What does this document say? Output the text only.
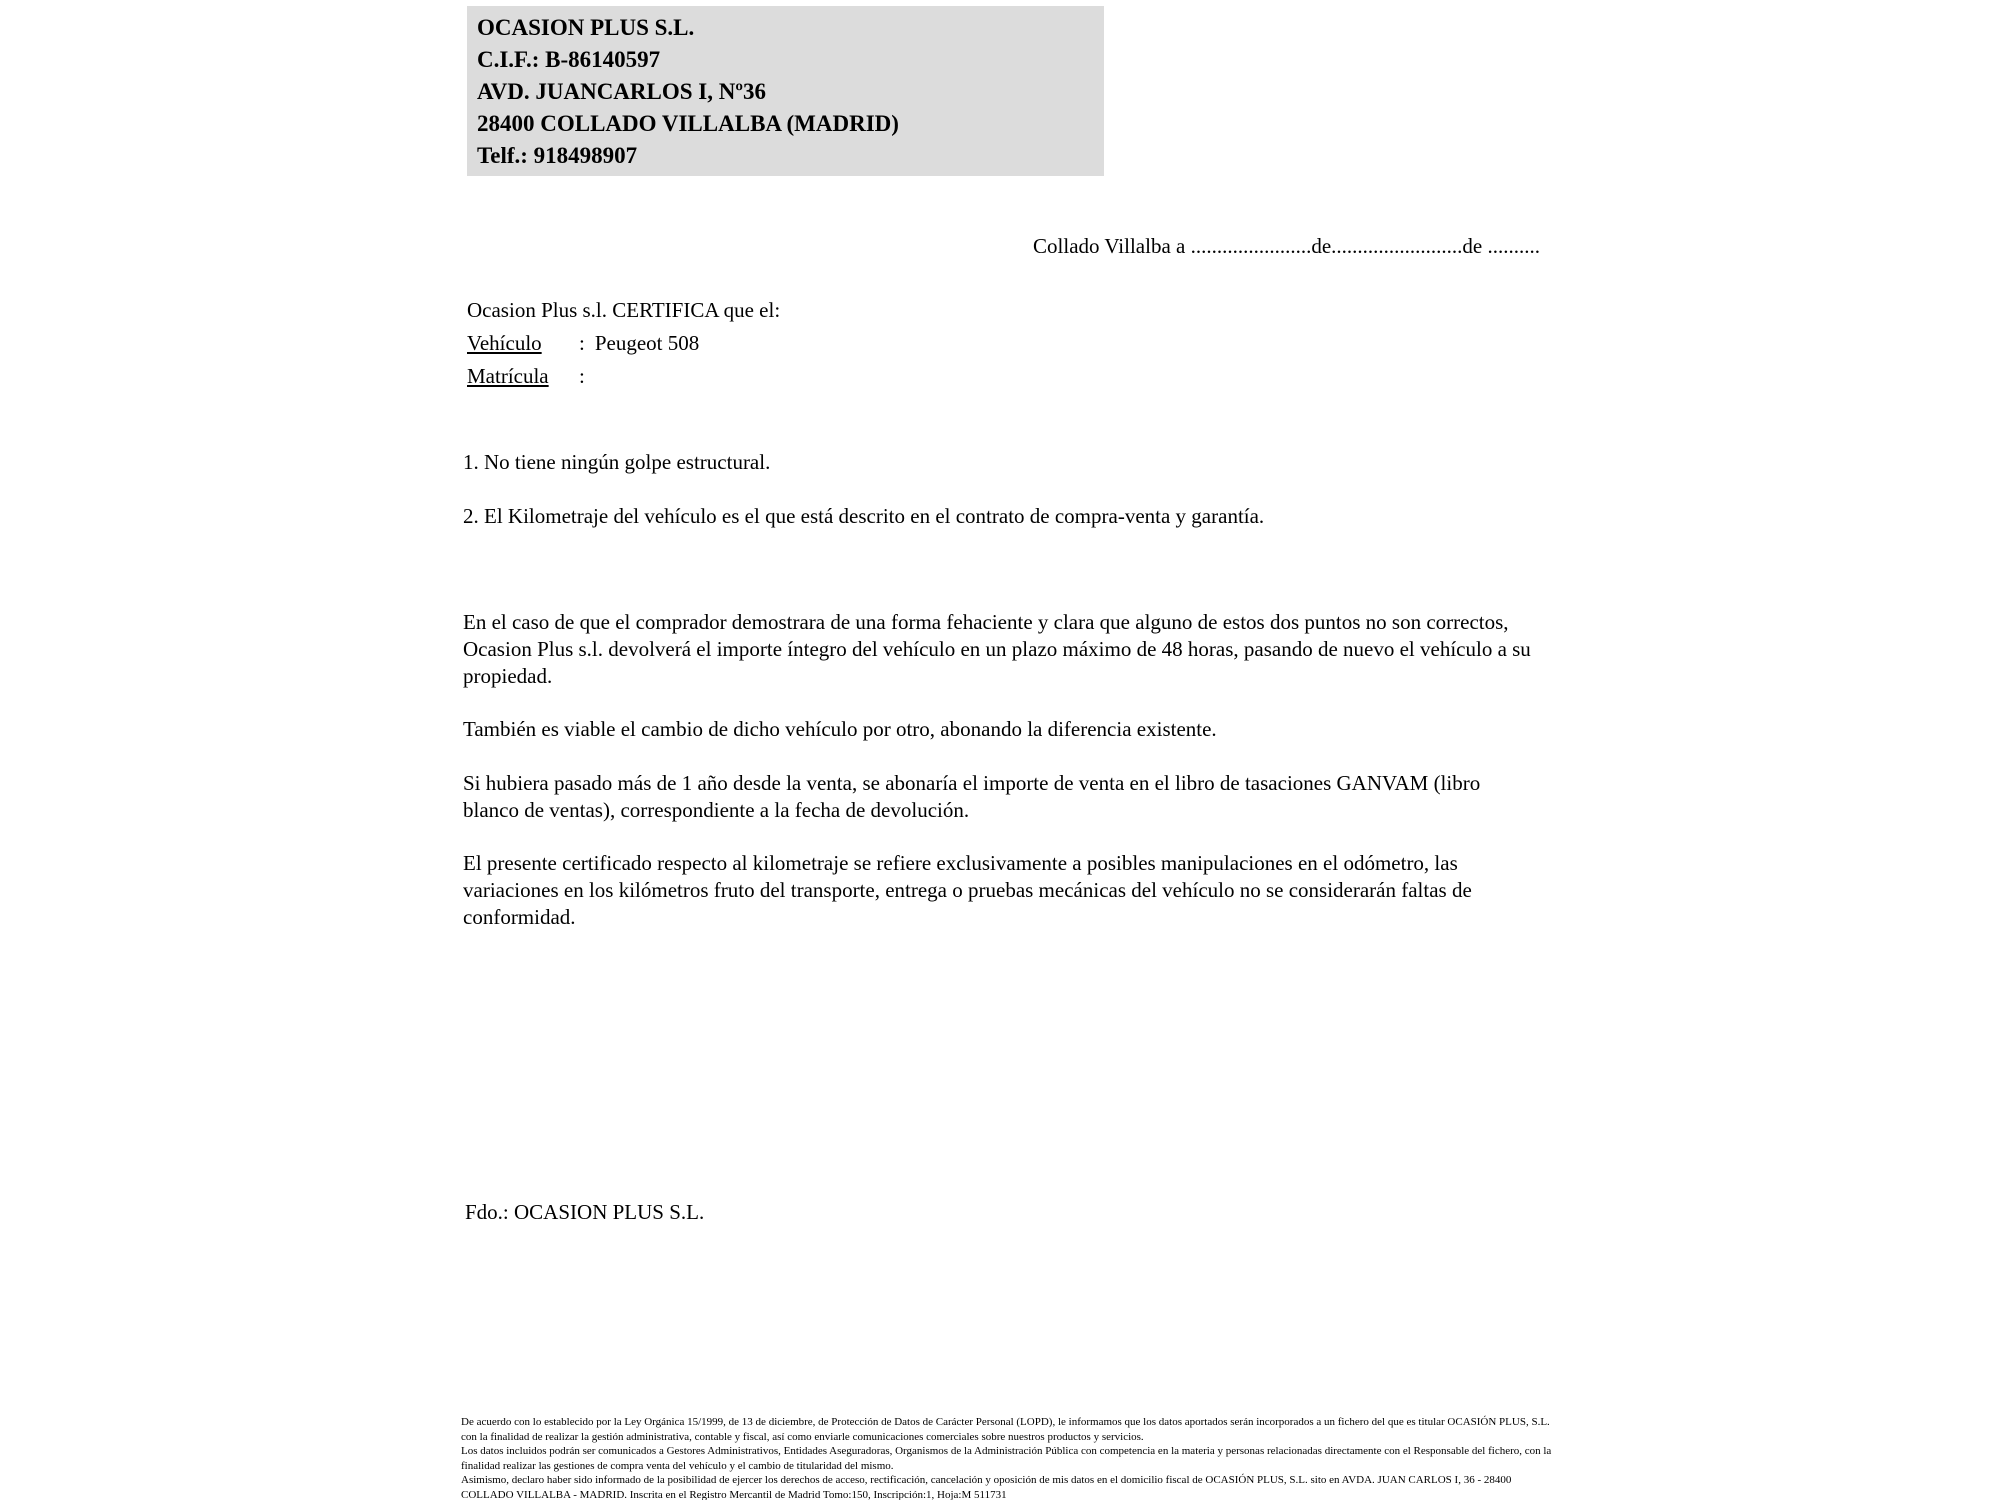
OCASION PLUS S.L.
C.I.F.: B-86140597
AVD. JUANCARLOS I, Nº36
28400 COLLADO VILLALBA (MADRID)
Telf.: 918498907
Collado Villalba a .......................de.........................de ..........
Ocasion Plus s.l. CERTIFICA que el:
Vehículo : Peugeot 508
Matrícula :
1. No tiene ningún golpe estructural.
2. El Kilometraje del vehículo es el que está descrito en el contrato de compra-venta y garantía.
En el caso de que el comprador demostrara de una forma fehaciente y clara que alguno de estos dos puntos no son correctos, Ocasion Plus s.l. devolverá el importe íntegro del vehículo en un plazo máximo de 48 horas, pasando de nuevo el vehículo a su propiedad.
También es viable el cambio de dicho vehículo por otro, abonando la diferencia existente.
Si hubiera pasado más de 1 año desde la venta, se abonaría el importe de venta en el libro de tasaciones GANVAM (libro blanco de ventas), correspondiente a la fecha de devolución.
El presente certificado respecto al kilometraje se refiere exclusivamente a posibles manipulaciones en el odómetro, las variaciones en los kilómetros fruto del transporte, entrega o pruebas mecánicas del vehículo no se considerarán faltas de conformidad.
Fdo.: OCASION PLUS S.L.

De acuerdo con lo establecido por la Ley Orgánica 15/1999, de 13 de diciembre, de Protección de Datos de Carácter Personal (LOPD), le informamos que los datos aportados serán incorporados a un fichero del que es titular OCASIÓN PLUS, S.L. con la finalidad de realizar la gestión administrativa, contable y fiscal, así como enviarle comunicaciones comerciales sobre nuestros productos y servicios.

Los datos incluidos podrán ser comunicados a Gestores Administrativos, Entidades Aseguradoras, Organismos de la Administración Pública con competencia en la materia y personas relacionadas directamente con el Responsable del fichero, con la finalidad realizar las gestiones de compra venta del vehículo y el cambio de titularidad del mismo.

Asimismo, declaro haber sido informado de la posibilidad de ejercer los derechos de acceso, rectificación, cancelación y oposición de mis datos en el domicilio fiscal de OCASIÓN PLUS, S.L. sito en AVDA. JUAN CARLOS I, 36 - 28400 COLLADO VILLALBA - MADRID. Inscrita en el Registro Mercantil de Madrid Tomo:150, Inscripción:1, Hoja:M 511731
